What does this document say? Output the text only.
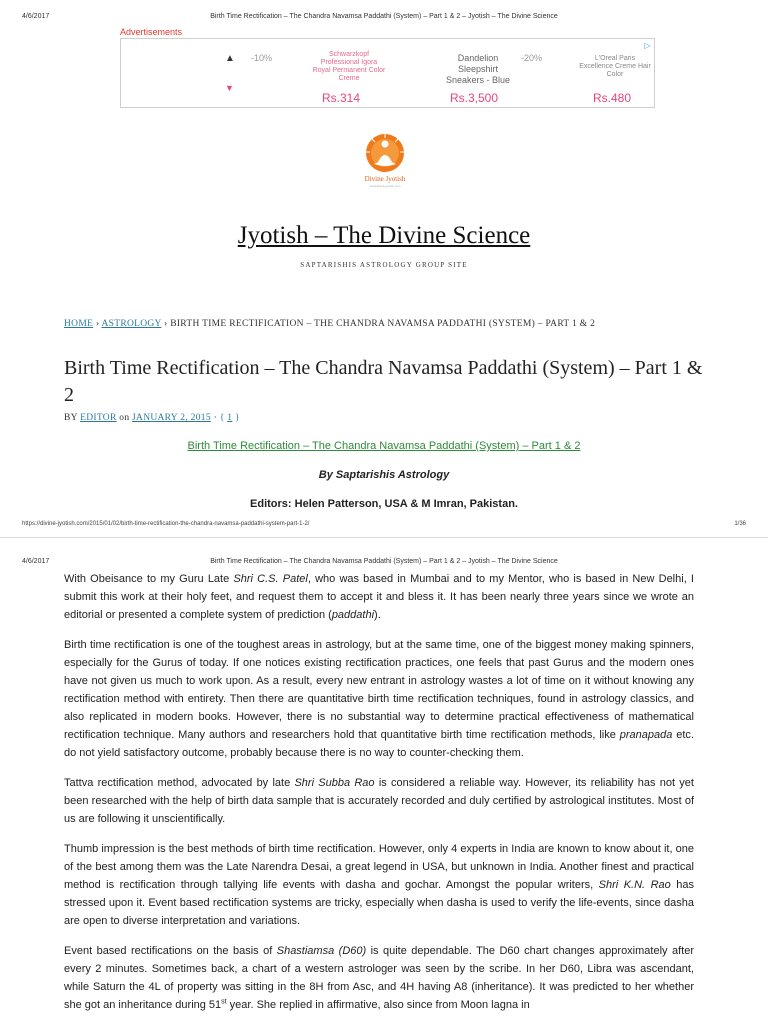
4/6/2017	Birth Time Rectification – The Chandra Navamsa Paddathi (System) – Part 1 & 2 – Jyotish – The Divine Science
Advertisements
▲
▼
-10%	Schwarzkopf Professional Igora Royal Permanent Color Creme
Rs.314
Dandelion Sleepshirt Sneakers - Blue
Rs.3,500
-20%	L'Oreal Paris Excellence Creme Hair Color
Rs.480
▷
Divine Jyotish
www.divine-jyotish.com
Jyotish – The Divine Science
SAPTARISHIS ASTROLOGY GROUP SITE
HOME › ASTROLOGY › BIRTH TIME RECTIFICATION – THE CHANDRA NAVAMSA PADDATHI (SYSTEM) – PART 1 & 2
Birth Time Rectification – The Chandra Navamsa Paddathi (System) – Part 1 & 2
BY EDITOR on JANUARY 2, 2015 · { 1 }
Birth Time Rectification – The Chandra Navamsa Paddathi (System) – Part 1 & 2
By Saptarishis Astrology
Editors: Helen Patterson, USA & M Imran, Pakistan.
https://divine-jyotish.com/2015/01/02/birth-time-rectification-the-chandra-navamsa-paddathi-system-part-1-2/	1/36
4/6/2017	Birth Time Rectification – The Chandra Navamsa Paddathi (System) – Part 1 & 2 – Jyotish – The Divine Science

With Obeisance to my Guru Late Shri C.S. Patel, who was based in Mumbai and to my Mentor, who is based in New Delhi, I submit this work at their holy feet, and request them to accept it and bless it. It has been nearly three years since we wrote an editorial or presented a complete system of prediction (paddathi).

Birth time rectification is one of the toughest areas in astrology, but at the same time, one of the biggest money making spinners, especially for the Gurus of today. If one notices existing rectification practices, one feels that past Gurus and the modern ones have not given us much to work upon. As a result, every new entrant in astrology wastes a lot of time on it without knowing any rectification method with entirety. Then there are quantitative birth time rectification techniques, found in astrology classics, and also replicated in modern books. However, there is no substantial way to determine practical effectiveness of mathematical rectification technique. Many authors and researchers hold that quantitative birth time rectification methods, like pranapada etc. do not yield satisfactory outcome, probably because there is no way to counter-checking them.

Tattva rectification method, advocated by late Shri Subba Rao is considered a reliable way. However, its reliability has not yet been researched with the help of birth data sample that is accurately recorded and duly certified by astrological institutes. Most of us are following it unscientifically.

Thumb impression is the best methods of birth time rectification. However, only 4 experts in India are known to know about it, one of the best among them was the Late Narendra Desai, a great legend in USA, but unknown in India. Another finest and practical method is rectification through tallying life events with dasha and gochar. Amongst the popular writers, Shri K.N. Rao has stressed upon it. Event based rectification systems are tricky, especially when dasha is used to verify the life-events, since dasha are open to diverse interpretation and variations.

Event based rectifications on the basis of Shastiamsa (D60) is quite dependable. The D60 chart changes approximately after every 2 minutes. Sometimes back, a chart of a western astrologer was seen by the scribe. In her D60, Libra was ascendant, while Saturn the 4L of property was sitting in the 8H from Asc, and 4H having A8 (inheritance). It was predicted to her whether she got an inheritance during 51st year. She replied in affirmative, also since from Moon lagna in
